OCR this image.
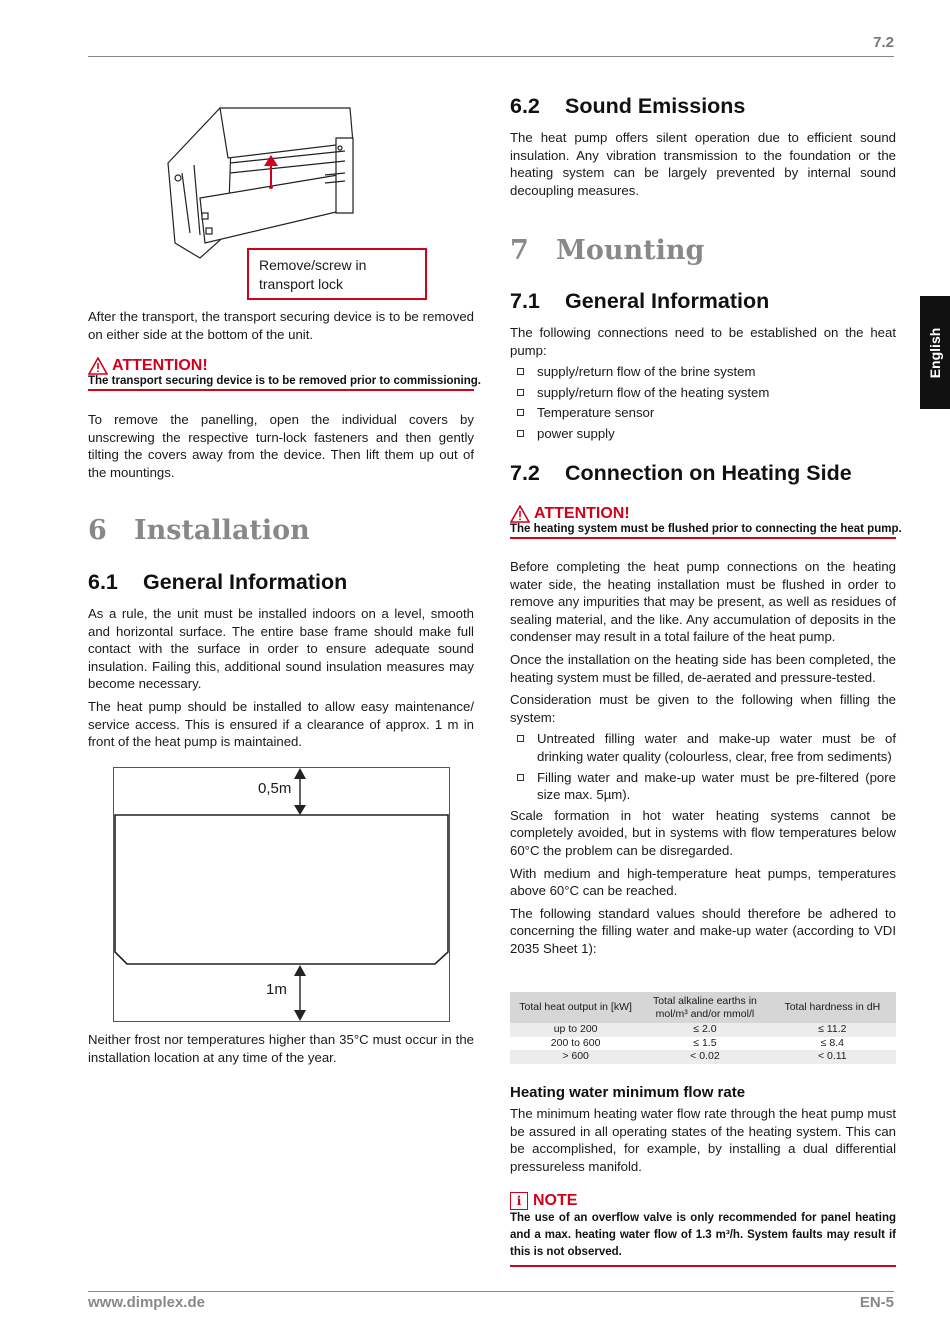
7.2
English
Remove/screw in transport lock

After the transport, the transport securing device is to be removed on either side at the bottom of the unit.

ATTENTION!
The transport securing device is to be removed prior to commissioning.

To remove the panelling, open the individual covers by unscrewing the respective turn-lock fasteners and then gently tilting the covers away from the device. Then lift them up out of the mountings.

6 Installation
6.1 General Information

As a rule, the unit must be installed indoors on a level, smooth and horizontal surface. The entire base frame should make full contact with the surface in order to ensure adequate sound insulation. Failing this, additional sound insulation measures may become necessary.

The heat pump should be installed to allow easy maintenance/ service access. This is ensured if a clearance of approx. 1 m in front of the heat pump is maintained.

0,5m
1m

Neither frost nor temperatures higher than 35°C must occur in the installation location at any time of the year.

6.2 Sound Emissions

The heat pump offers silent operation due to efficient sound insulation. Any vibration transmission to the foundation or the heating system can be largely prevented by internal sound decoupling measures.

7 Mounting
7.1 General Information

The following connections need to be established on the heat pump:

supply/return flow of the brine system
supply/return flow of the heating system
Temperature sensor
power supply
7.2 Connection on Heating Side
ATTENTION!
The heating system must be flushed prior to connecting the heat pump.

Before completing the heat pump connections on the heating water side, the heating installation must be flushed in order to remove any impurities that may be present, as well as residues of sealing material, and the like. Any accumulation of deposits in the condenser may result in a total failure of the heat pump.

Once the installation on the heating side has been completed, the heating system must be filled, de-aerated and pressure-tested.

Consideration must be given to the following when filling the system:

Untreated filling water and make-up water must be of drinking water quality (colourless, clear, free from sediments)
Filling water and make-up water must be pre-filtered (pore size max. 5µm).

Scale formation in hot water heating systems cannot be completely avoided, but in systems with flow temperatures below 60°C the problem can be disregarded.

With medium and high-temperature heat pumps, temperatures above 60°C can be reached.

The following standard values should therefore be adhered to concerning the filling water and make-up water (according to VDI 2035 Sheet 1):

Total heat output in [kW]	Total alkaline earths in mol/m³ and/or mmol/l	Total hardness in dH
up to 200	≤ 2.0	≤ 11.2
200 to 600	≤ 1.5	≤ 8.4
> 600	< 0.02	< 0.11

Heating water minimum flow rate

The minimum heating water flow rate through the heat pump must be assured in all operating states of the heating system. This can be accomplished, for example, by installing a dual differential pressureless manifold.

i NOTE
The use of an overflow valve is only recommended for panel heating and a max. heating water flow of 1.3 m³/h. System faults may result if this is not observed.
www.dimplex.de	EN-5
